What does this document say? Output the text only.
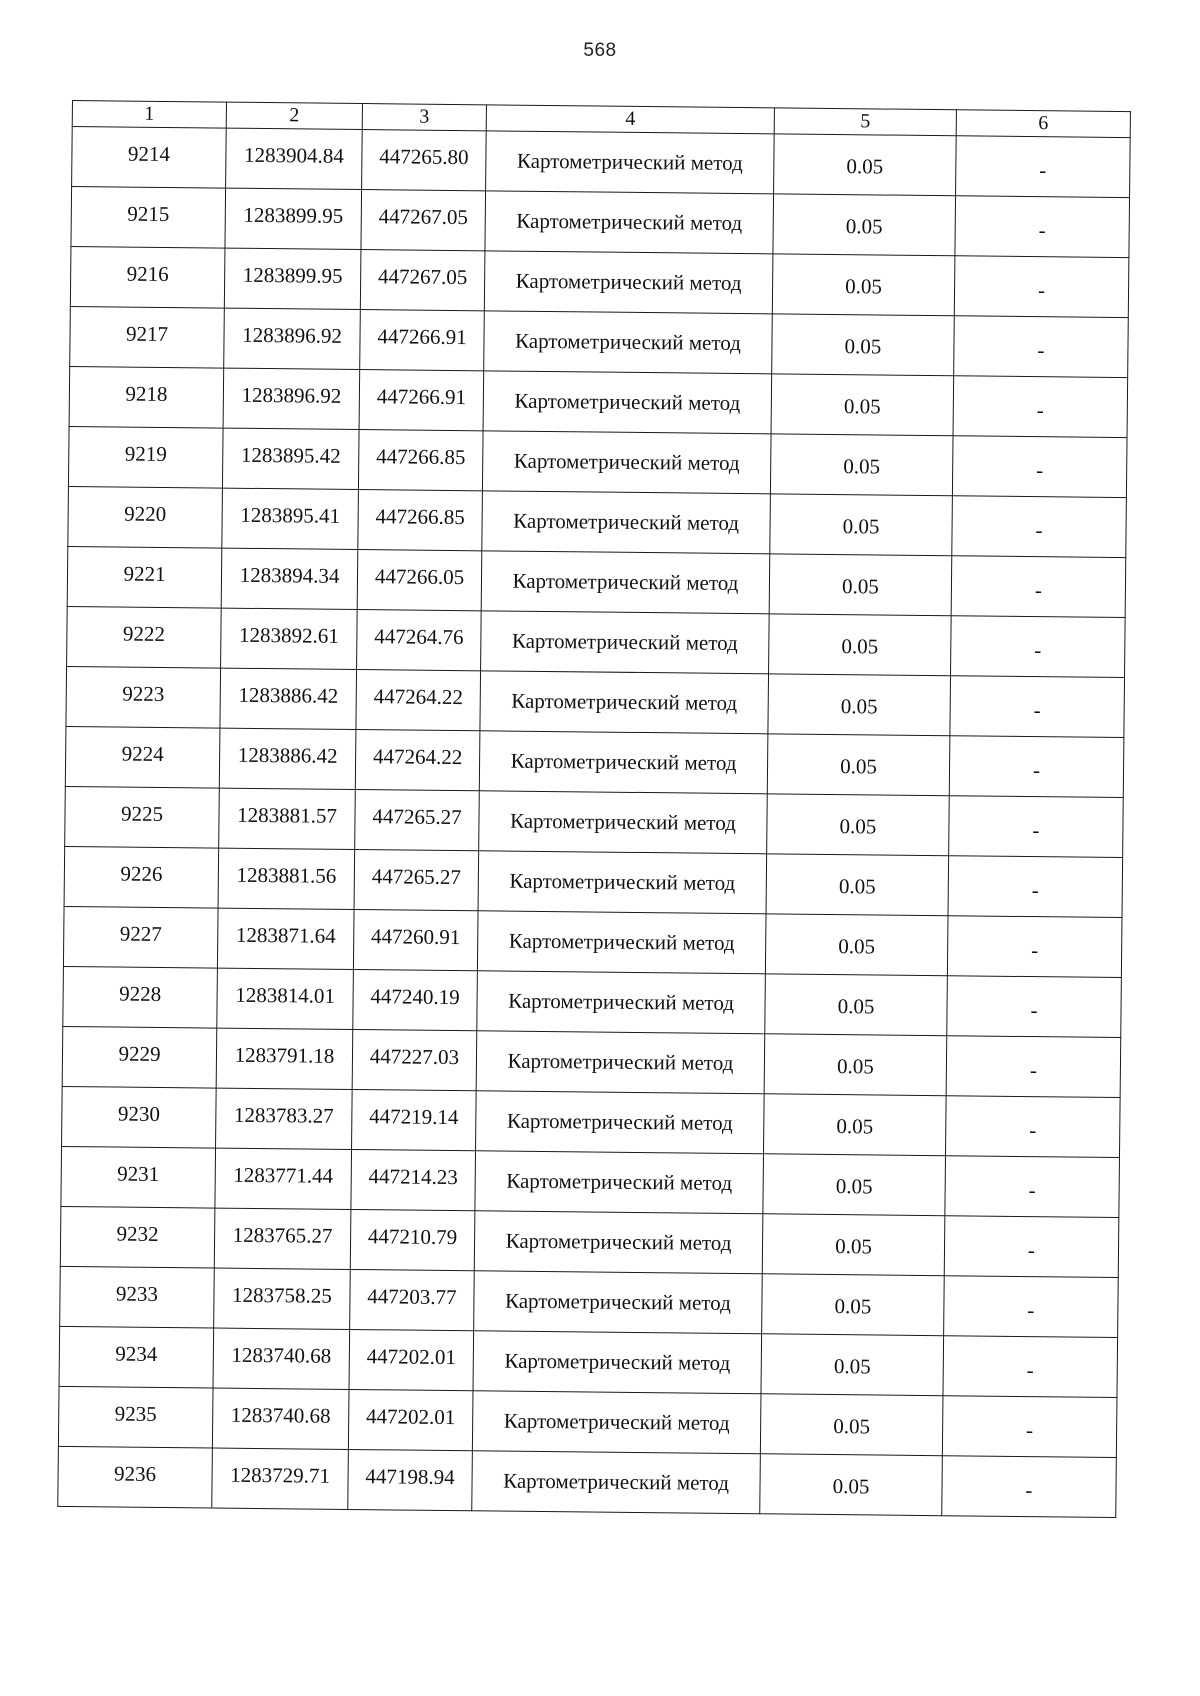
568
1	2	3	4	5	6
9214	1283904.84	447265.80	Картометрический метод	0.05	-
9215	1283899.95	447267.05	Картометрический метод	0.05	-
9216	1283899.95	447267.05	Картометрический метод	0.05	-
9217	1283896.92	447266.91	Картометрический метод	0.05	-
9218	1283896.92	447266.91	Картометрический метод	0.05	-
9219	1283895.42	447266.85	Картометрический метод	0.05	-
9220	1283895.41	447266.85	Картометрический метод	0.05	-
9221	1283894.34	447266.05	Картометрический метод	0.05	-
9222	1283892.61	447264.76	Картометрический метод	0.05	-
9223	1283886.42	447264.22	Картометрический метод	0.05	-
9224	1283886.42	447264.22	Картометрический метод	0.05	-
9225	1283881.57	447265.27	Картометрический метод	0.05	-
9226	1283881.56	447265.27	Картометрический метод	0.05	-
9227	1283871.64	447260.91	Картометрический метод	0.05	-
9228	1283814.01	447240.19	Картометрический метод	0.05	-
9229	1283791.18	447227.03	Картометрический метод	0.05	-
9230	1283783.27	447219.14	Картометрический метод	0.05	-
9231	1283771.44	447214.23	Картометрический метод	0.05	-
9232	1283765.27	447210.79	Картометрический метод	0.05	-
9233	1283758.25	447203.77	Картометрический метод	0.05	-
9234	1283740.68	447202.01	Картометрический метод	0.05	-
9235	1283740.68	447202.01	Картометрический метод	0.05	-
9236	1283729.71	447198.94	Картометрический метод	0.05	-
